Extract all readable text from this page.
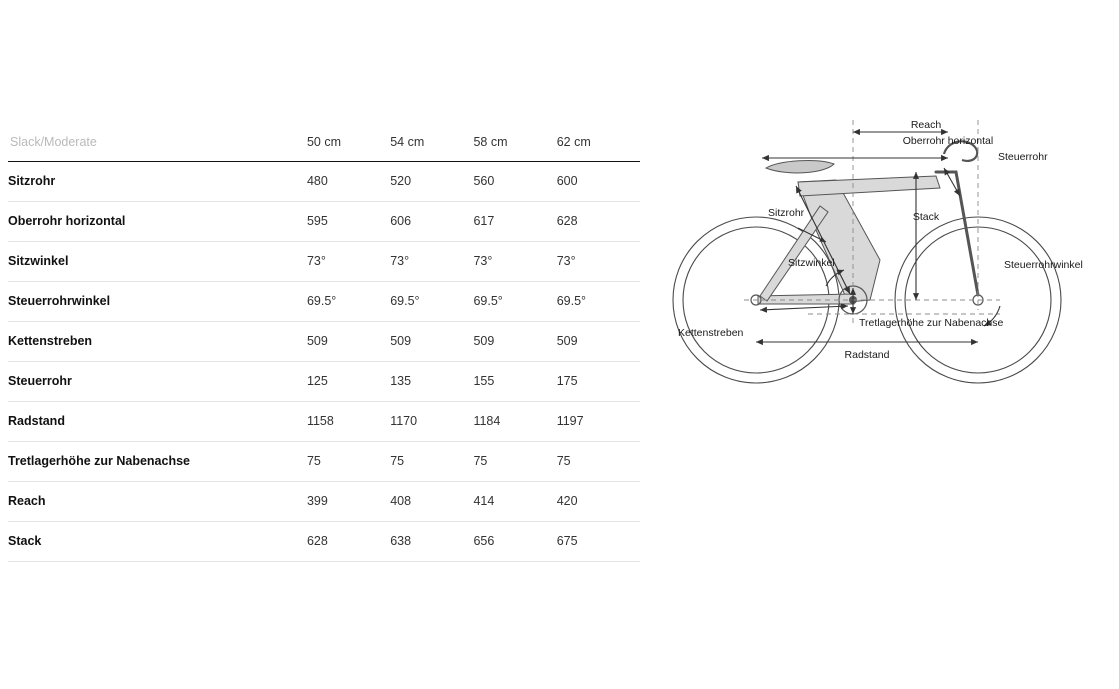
Slack/Moderate	50 cm	54 cm	58 cm	62 cm
Sitzrohr	480	520	560	600
Oberrohr horizontal	595	606	617	628
Sitzwinkel	73°	73°	73°	73°
Steuerrohrwinkel	69.5°	69.5°	69.5°	69.5°
Kettenstreben	509	509	509	509
Steuerrohr	125	135	155	175
Radstand	1158	1170	1184	1197
Tretlagerhöhe zur Nabenachse	75	75	75	75
Reach	399	408	414	420
Stack	628	638	656	675
Reach
Oberrohr horizontal
Steuerrohr
Stack
Sitzrohr
Sitzwinkel	Steuerrohrwinkel
Kettenstreben
Tretlagerhöhe zur Nabenachse
Radstand
